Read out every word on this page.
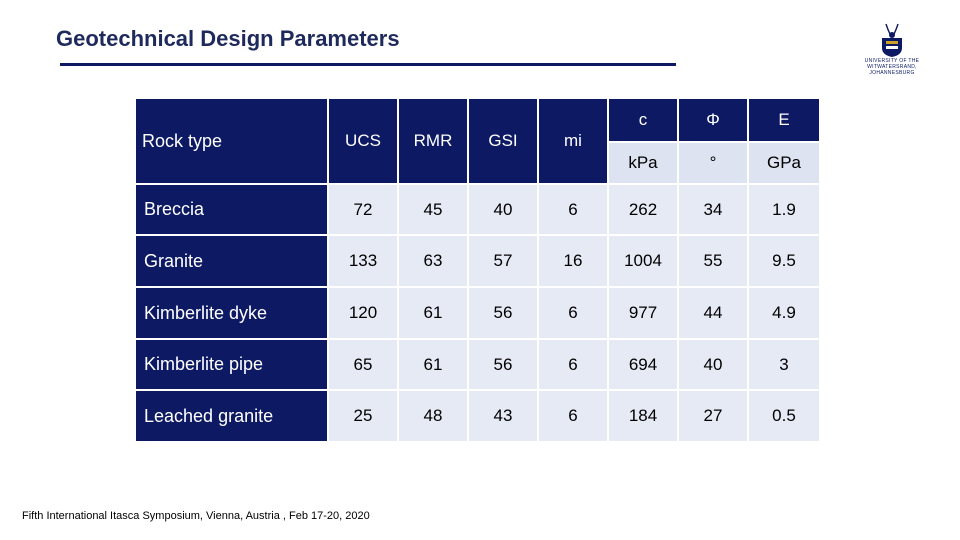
Geotechnical Design Parameters
UNIVERSITY OF THE
WITWATERSRAND,
JOHANNESBURG
Rock type	UCS	RMR	GSI	mi	c	Φ	E
					kPa	°	GPa
Breccia	72	45	40	6	262	34	1.9
Granite	133	63	57	16	1004	55	9.5
Kimberlite dyke	120	61	56	6	977	44	4.9
Kimberlite pipe	65	61	56	6	694	40	3
Leached granite	25	48	43	6	184	27	0.5
Fifth International Itasca Symposium, Vienna, Austria , Feb 17-20, 2020
